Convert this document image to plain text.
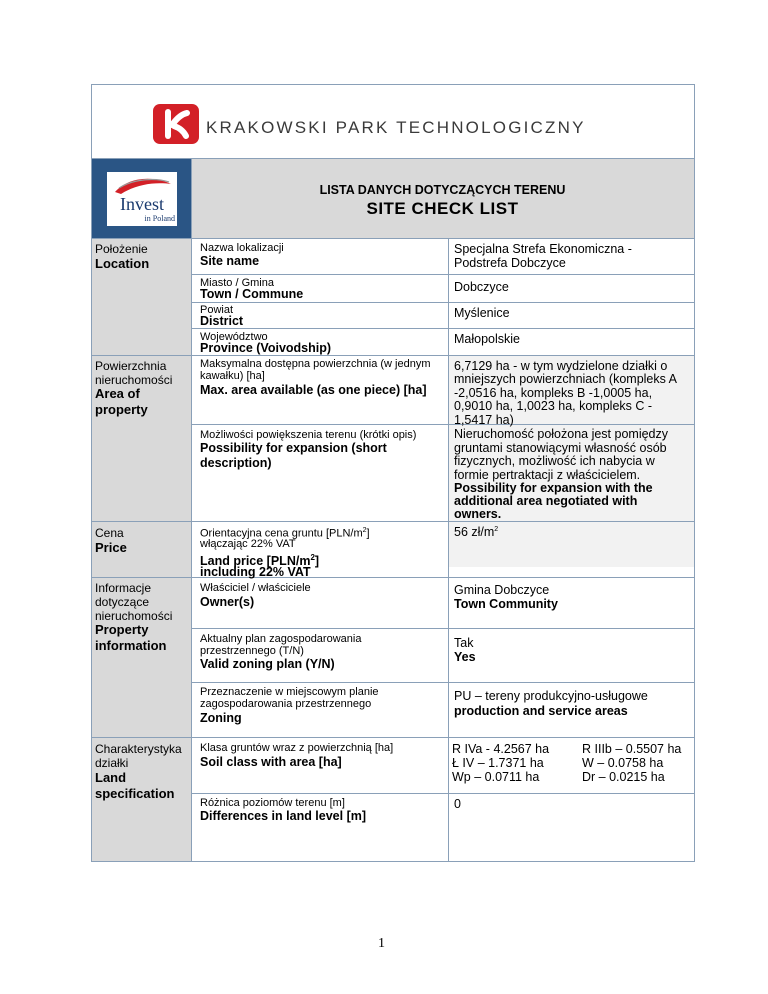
KRAKOWSKI PARK TECHNOLOGICZNY
Invest
in Poland
LISTA DANYCH DOTYCZĄCYCH TERENU
SITE CHECK LIST
Położenie
Location
Powierzchnia
nieruchomości
Area of
property
Cena
Price
Informacje
dotyczące
nieruchomości
Property
information
Charakterystyka
działki
Land
specification
Nazwa lokalizacji
Site name
Miasto / Gmina
Town / Commune
Powiat
District
Województwo
Province (Voivodship)
Maksymalna dostępna powierzchnia (w jednym
kawałku) [ha]
Max. area available (as one piece) [ha]
Możliwości powiększenia terenu (krótki opis)
Possibility for expansion (short
description)
Orientacyjna cena gruntu $[PLN/m^2]$
włączając 22% VAT
Land price $[PLN/m^2]$
including 22% VAT
Właściciel / właściciele
Owner(s)
Aktualny plan zagospodarowania
przestrzennego (T/N)
Valid zoning plan (Y/N)
Przeznaczenie w miejscowym planie
zagospodarowania przestrzennego
Zoning
Klasa gruntów wraz z powierzchnią [ha]
Soil class with area [ha]
Różnica poziomów terenu [m]
Differences in land level [m]
Specjalna Strefa Ekonomiczna -
Podstrefa Dobczyce
Dobczyce
Myślenice
Małopolskie
6,7129 ha - w tym wydzielone działki o
mniejszych powierzchniach (kompleks A
-2,0516 ha, kompleks B -1,0005 ha,
0,9010 ha, 1,0023 ha, kompleks C -
1,5417 ha)
Nieruchomość położona jest pomiędzy
gruntami stanowiącymi własność osób
fizycznych, możliwość ich nabycia w
formie pertraktacji z właścicielem.
Possibility for expansion with the
additional area negotiated with
owners.
56 $zł/m^2$
Gmina Dobczyce
Town Community
Tak
Yes
PU – tereny produkcyjno-usługowe
production and service areas
R IVa - 4.2567 ha
Ł IV – 1.7371 ha
Wp – 0.0711 ha
R IIIb – 0.5507 ha
W – 0.0758 ha
Dr – 0.0215 ha
0
1
